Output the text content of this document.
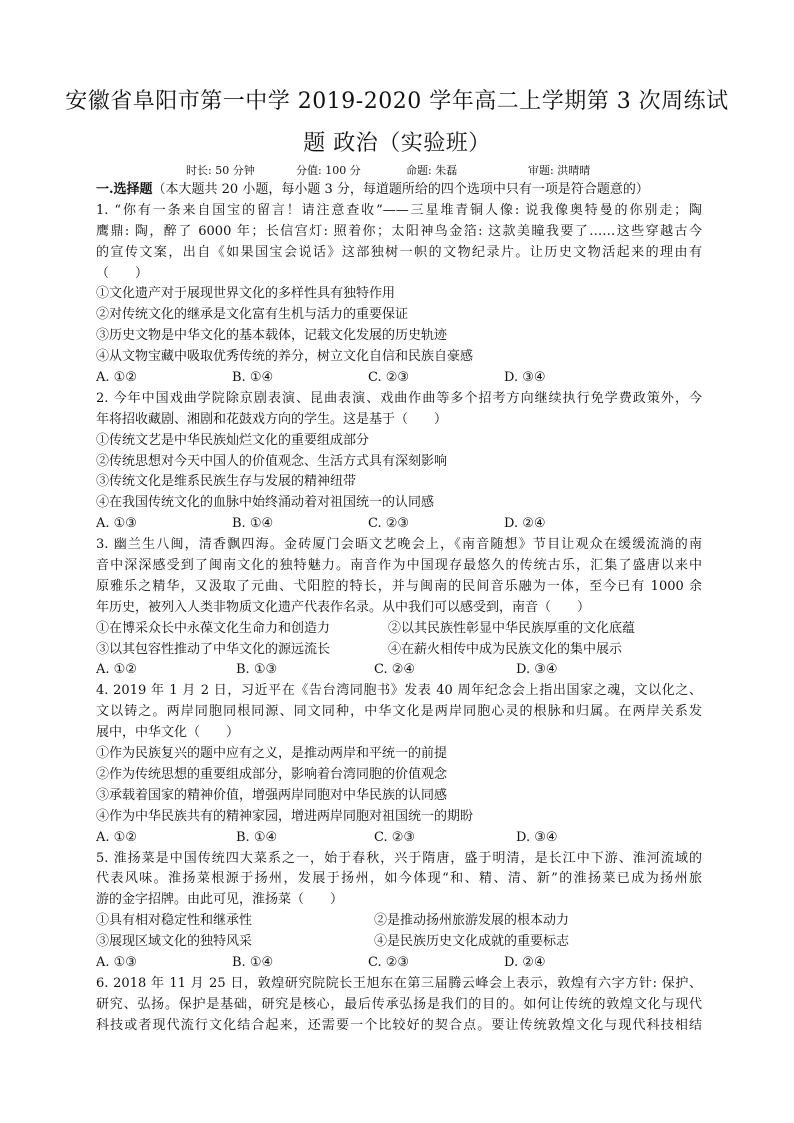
安徽省阜阳市第一中学 2019-2020 学年高二上学期第 3 次周练试
题 政治（实验班）
时长: 50 分钟	分值: 100 分	命题: 朱磊	审题: 洪晴晴
一.选择题（本大题共 20 小题，每小题 3 分，每道题所给的四个选项中只有一项是符合题意的）
1. “你有一条来自国宝的留言！请注意查收”——三星堆青铜人像: 说我像奥特曼的你别走；陶
鹰鼎: 陶，醉了 6000 年；长信宫灯: 照着你；太阳神鸟金箔: 这款美瞳我要了……这些穿越古今
的宣传文案，出自《如果国宝会说话》这部独树一帜的文物纪录片。让历史文物活起来的理由有
（　　）
①文化遗产对于展现世界文化的多样性具有独特作用
②对传统文化的继承是文化富有生机与活力的重要保证
③历史文物是中华文化的基本载体，记载文化发展的历史轨迹
④从文物宝藏中吸取优秀传统的养分，树立文化自信和民族自豪感
A. ①②	B. ①④	C. ②③	D. ③④
2. 今年中国戏曲学院除京剧表演、昆曲表演、戏曲作曲等多个招考方向继续执行免学费政策外，今
年将招收藏剧、湘剧和花鼓戏方向的学生。这是基于（　　）
①传统文艺是中华民族灿烂文化的重要组成部分
②传统思想对今天中国人的价值观念、生活方式具有深刻影响
③传统文化是维系民族生存与发展的精神纽带
④在我国传统文化的血脉中始终涌动着对祖国统一的认同感
A. ①③	B. ①④	C. ②③	D. ②④
3. 幽兰生八闽，清香飘四海。金砖厦门会晤文艺晚会上，《南音随想》节目让观众在缓缓流淌的南
音中深深感受到了闽南文化的独特魅力。南音作为中国现存最悠久的传统古乐，汇集了盛唐以来中
原雅乐之精华，又汲取了元曲、弋阳腔的特长，并与闽南的民间音乐融为一体，至今已有 1000 余
年历史，被列入人类非物质文化遗产代表作名录。从中我们可以感受到，南音（　　）
①在博采众长中永葆文化生命力和创造力	②以其民族性彰显中华民族厚重的文化底蕴
③以其包容性推动了中华文化的源远流长	④在薪火相传中成为民族文化的集中展示
A. ①②	B. ①③	C. ②④	D. ③④
4. 2019 年 1 月 2 日，习近平在《告台湾同胞书》发表 40 周年纪念会上指出国家之魂，文以化之、
文以铸之。两岸同胞同根同源、同文同种，中华文化是两岸同胞心灵的根脉和归属。在两岸关系发
展中，中华文化（　　）
①作为民族复兴的题中应有之义，是推动两岸和平统一的前提
②作为传统思想的重要组成部分，影响着台湾同胞的价值观念
③承载着国家的精神价值，增强两岸同胞对中华民族的认同感
④作为中华民族共有的精神家园，增进两岸同胞对祖国统一的期盼
A. ①②	B. ①④	C. ②③	D. ③④
5. 淮扬菜是中国传统四大菜系之一，始于春秋，兴于隋唐，盛于明清，是长江中下游、淮河流域的
代表风味。淮扬菜根源于扬州，发展于扬州，如今体现“和、精、清、新”的淮扬菜已成为扬州旅
游的金字招牌。由此可见，淮扬菜（　　）
①具有相对稳定性和继承性	②是推动扬州旅游发展的根本动力
③展现区域文化的独特风采	④是民族历史文化成就的重要标志
A. ①③	B. ①④	C. ②③	D. ②④
6. 2018 年 11 月 25 日，敦煌研究院院长王旭东在第三届腾云峰会上表示，敦煌有六字方针: 保护、
研究、弘扬。保护是基础，研究是核心，最后传承弘扬是我们的目的。如何让传统的敦煌文化与现代
科技或者现代流行文化结合起来，还需要一个比较好的契合点。要让传统敦煌文化与现代科技相结
